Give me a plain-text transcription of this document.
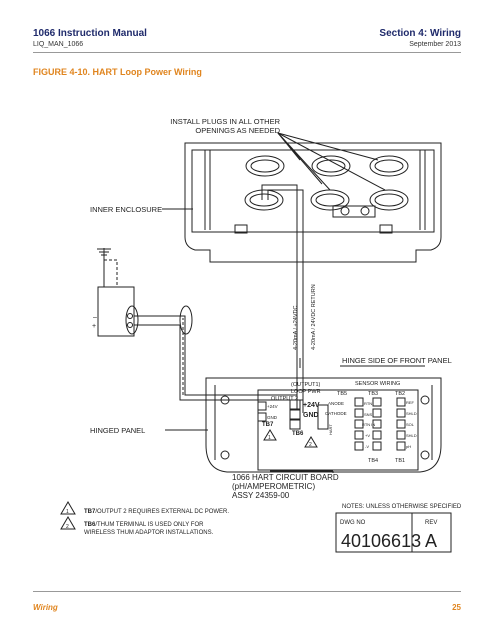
1066 Instruction Manual
LIQ_MAN_1066
Section 4: Wiring
September 2013
FIGURE 4-10. HART Loop Power Wiring
INSTALL PLUGS IN ALL OTHER
OPENINGS AS NEEDED
INNER ENCLOSURE
HINGED PANEL
HINGE SIDE OF FRONT PANEL
–
+	4-20mA / +24VDC 4-20mA / 24VDC RETURN
OUTPUT 2
(OUTPUT1)
LOOP PWR
+24V
GND
+24V
GND
HART
TB7
TB6
1
2
SENSOR WIRING
TB5	TB3	TB2
TB4	TB1
ANODE
CATHODE
RTN
SNS
RTN IN
+V
-V
REF
SHLD
SOL
SHLD
pH
1066 HART CIRCUIT BOARD
(pH/AMPEROMETRIC)
ASSY 24359-00
1
2
TB7/OUTPUT 2 REQUIRES EXTERNAL DC POWER.
TB6/THUM TERMINAL IS USED ONLY FOR
WIRELESS THUM ADAPTOR INSTALLATIONS.
NOTES: UNLESS OTHERWISE SPECIFIED
DWG NO
40106613
REV
A
Wiring	25
